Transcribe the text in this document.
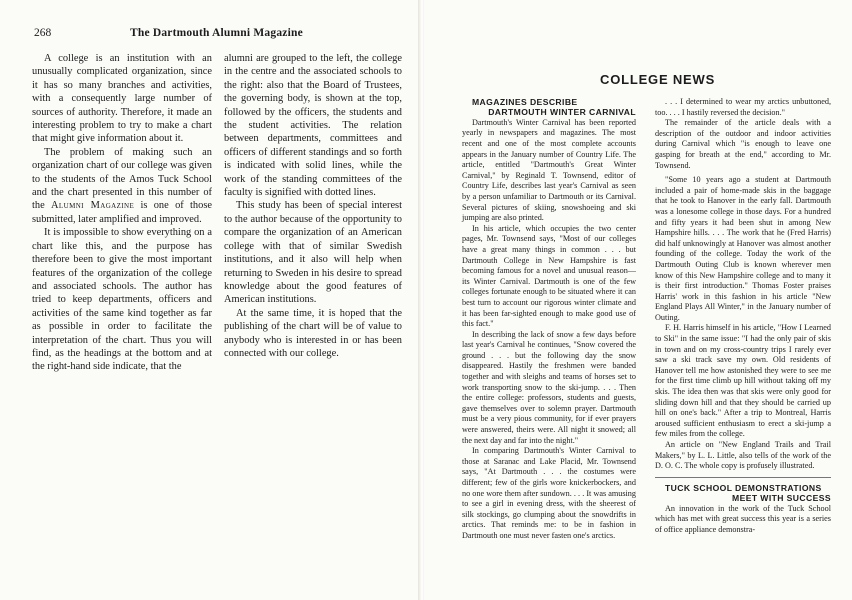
268	The Dartmouth Alumni Magazine

A college is an institution with an unusually complicated organization, since it has so many branches and activities, with a consequently large number of sources of authority. Therefore, it made an interesting problem to try to make a chart that might give information about it.

The problem of making such an organization chart of our college was given to the students of the Amos Tuck School and the chart presented in this number of the Alumni Magazine is one of those submitted, later amplified and improved.

It is impossible to show everything on a chart like this, and the purpose has therefore been to give the most important features of the organization of the college and associated schools. The author has tried to keep departments, officers and activities of the same kind together as far as possible in order to facilitate the interpretation of the chart. Thus you will find, as the headings at the bottom and at the right-hand side indicate, that the

alumni are grouped to the left, the college in the centre and the associated schools to the right: also that the Board of Trustees, the governing body, is shown at the top, followed by the officers, the students and the student activities. The relation between departments, committees and officers of different standings and so forth is indicated with solid lines, while the work of the standing committees of the faculty is signified with dotted lines.

This study has been of special interest to the author because of the opportunity to compare the organization of an American college with that of similar Swedish institutions, and it also will help when returning to Sweden in his desire to spread knowledge about the good features of American institutions.

At the same time, it is hoped that the publishing of the chart will be of value to anybody who is interested in or has been connected with our college.

COLLEGE NEWS

MAGAZINES DESCRIBE
DARTMOUTH WINTER CARNIVAL

Dartmouth's Winter Carnival has been reported yearly in newspapers and magazines. The most recent and one of the most complete accounts appears in the January number of Country Life. The article, entitled "Dartmouth's Great Winter Carnival," by Reginald T. Townsend, editor of Country Life, describes last year's Carnival as seen by a person unfamiliar to Dartmouth or its Carnival. Several pictures of skiing, snowshoeing and ski jumping are also printed.

In his article, which occupies the two center pages, Mr. Townsend says, "Most of our colleges have a great many things in common . . . but Dartmouth College in New Hampshire is fast becoming famous for a novel and unusual reason—its Winter Carnival. Dartmouth is one of the few colleges fortunate enough to be situated where it can best turn to account our rigorous winter climate and it has been far-sighted enough to make good use of this fact."

In describing the lack of snow a few days before last year's Carnival he continues, "Snow covered the ground . . . but the following day the snow disappeared. Hastily the freshmen were banded together and with sleighs and teams of horses set to work transporting snow to the ski-jump. . . . Then the entire college: professors, students and guests, gave themselves over to solemn prayer. Dartmouth must be a very pious community, for if ever prayers were answered, theirs were. All night it snowed; all the next day and far into the night."

In comparing Dartmouth's Winter Carnival to those at Saranac and Lake Placid, Mr. Townsend says, "At Dartmouth . . . the costumes were different; few of the girls wore knickerbockers, and no one wore them after sundown. . . . It was amusing to see a girl in evening dress, with the sheerest of silk stockings, go clumping about the snowdrifts in arctics. That reminds me: to be in fashion in Dartmouth one must never fasten one's arctics.

. . . I determined to wear my arctics unbuttoned, too. . . . I hastily reversed the decision."

The remainder of the article deals with a description of the outdoor and indoor activities during Carnival which "is enough to leave one gasping for breath at the end," according to Mr. Townsend.

"Some 10 years ago a student at Dartmouth included a pair of home-made skis in the baggage that he took to Hanover in the early fall. Dartmouth was a lonesome college in those days. For a hundred and fifty years it had been shut in among New Hampshire hills. . . . The work that he (Fred Harris) did half unknowingly at Hanover was almost another founding of the college. Today the work of the Dartmouth Outing Club is known wherever men know of this New Hampshire college and to many it is their first introduction." Thomas Foster praises Harris' work in this fashion in his article "New England Plays All Winter," in the January number of Outing.

F. H. Harris himself in his article, "How I Learned to Ski" in the same issue: "I had the only pair of skis in town and on my cross-country trips I rarely ever saw a ski track save my own. Old residents of Hanover tell me how astonished they were to see me for the first time climb up hill without taking off my skis. The idea then was that skis were only good for sliding down hill and that they should be carried up hill on one's back." After a trip to Montreal, Harris aroused sufficient enthusiasm to erect a ski-jump a few miles from the college.

An article on "New England Trails and Trail Makers," by L. L. Little, also tells of the work of the D. O. C. The whole copy is profusely illustrated.

TUCK SCHOOL DEMONSTRATIONS
MEET WITH SUCCESS

An innovation in the work of the Tuck School which has met with great success this year is a series of office appliance demonstra-
